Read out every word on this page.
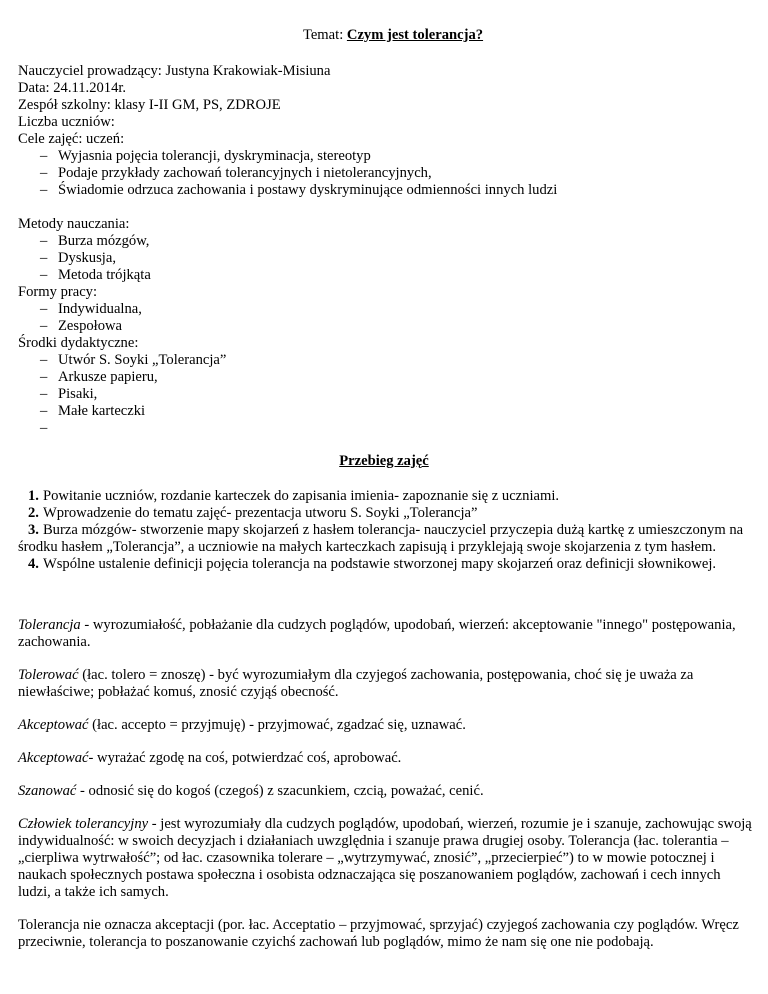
Temat: Czym jest tolerancja?
Nauczyciel prowadzący: Justyna Krakowiak-Misiuna
Data: 24.11.2014r.
Zespół szkolny: klasy I-II GM, PS, ZDROJE
Liczba uczniów:
Cele zajęć: uczeń:
– Wyjasnia pojęcia tolerancji, dyskryminacja, stereotyp
– Podaje przykłady zachowań tolerancyjnych i nietolerancyjnych,
– Świadomie odrzuca zachowania i postawy dyskryminujące odmienności innych ludzi
Metody nauczania:
– Burza mózgów,
– Dyskusja,
– Metoda trójkąta
Formy pracy:
– Indywidualna,
– Zespołowa
Środki dydaktyczne:
– Utwór S. Soyki „Tolerancja”
– Arkusze papieru,
– Pisaki,
– Małe karteczki
–
Przebieg zajęć

1. Powitanie uczniów, rozdanie karteczek do zapisania imienia- zapoznanie się z uczniami.

2. Wprowadzenie do tematu zajęć- prezentacja utworu S. Soyki „Tolerancja”

3. Burza mózgów- stworzenie mapy skojarzeń z hasłem tolerancja- nauczyciel przyczepia dużą kartkę z umieszczonym na środku hasłem „Tolerancja”, a uczniowie na małych karteczkach zapisują i przyklejają swoje skojarzenia z tym hasłem.

4. Wspólne ustalenie definicji pojęcia tolerancja na podstawie stworzonej mapy skojarzeń oraz definicji słownikowej.

Tolerancja - wyrozumiałość, pobłażanie dla cudzych poglądów, upodobań, wierzeń: akceptowanie "innego" postępowania, zachowania.

Tolerować (łac. tolero = znoszę) - być wyrozumiałym dla czyjegoś zachowania, postępowania, choć się je uważa za niewłaściwe; pobłażać komuś, znosić czyjąś obecność.

Akceptować (łac. accepto = przyjmuję) - przyjmować, zgadzać się, uznawać.

Akceptować- wyrażać zgodę na coś, potwierdzać coś, aprobować.

Szanować - odnosić się do kogoś (czegoś) z szacunkiem, czcią, poważać, cenić.

Człowiek tolerancyjny - jest wyrozumiały dla cudzych poglądów, upodobań, wierzeń, rozumie je i szanuje, zachowując swoją indywidualność: w swoich decyzjach i działaniach uwzględnia i szanuje prawa drugiej osoby. Tolerancja (łac. tolerantia – „cierpliwa wytrwałość”; od łac. czasownika tolerare – „wytrzymywać, znosić”, „przecierpieć”) to w mowie potocznej i naukach społecznych postawa społeczna i osobista odznaczająca się poszanowaniem poglądów, zachowań i cech innych ludzi, a także ich samych.

Tolerancja nie oznacza akceptacji (por. łac. Acceptatio – przyjmować, sprzyjać) czyjegoś zachowania czy poglądów. Wręcz przeciwnie, tolerancja to poszanowanie czyichś zachowań lub poglądów, mimo że nam się one nie podobają.
